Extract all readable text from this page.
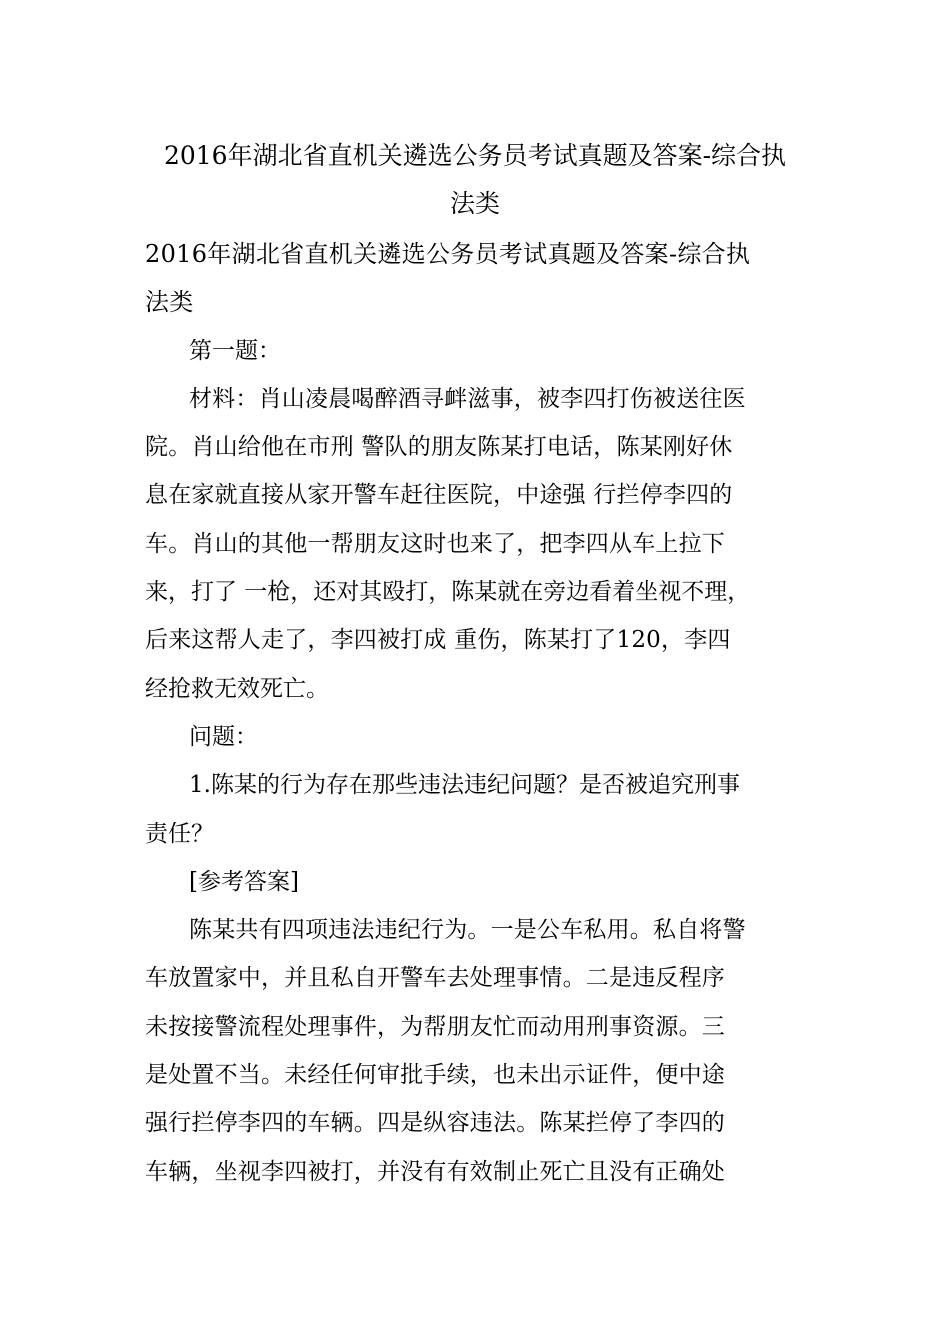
2016年湖北省直机关遴选公务员考试真题及答案-综合执
法类
2016年湖北省直机关遴选公务员考试真题及答案-综合执
法类
第一题：
材料：肖山凌晨喝醉酒寻衅滋事，被李四打伤被送往医
院。肖山给他在市刑 警队的朋友陈某打电话，陈某刚好休
息在家就直接从家开警车赶往医院，中途强 行拦停李四的
车。肖山的其他一帮朋友这时也来了，把李四从车上拉下
来，打了 一枪，还对其殴打，陈某就在旁边看着坐视不理，
后来这帮人走了，李四被打成 重伤，陈某打了120，李四
经抢救无效死亡。
问题：
1.陈某的行为存在那些违法违纪问题？是否被追究刑事
责任？
[参考答案]
陈某共有四项违法违纪行为。一是公车私用。私自将警
车放置家中，并且私自开警车去处理事情。二是违反程序
未按接警流程处理事件，为帮朋友忙而动用刑事资源。三
是处置不当。未经任何审批手续，也未出示证件，便中途
强行拦停李四的车辆。四是纵容违法。陈某拦停了李四的
车辆，坐视李四被打，并没有有效制止死亡且没有正确处
